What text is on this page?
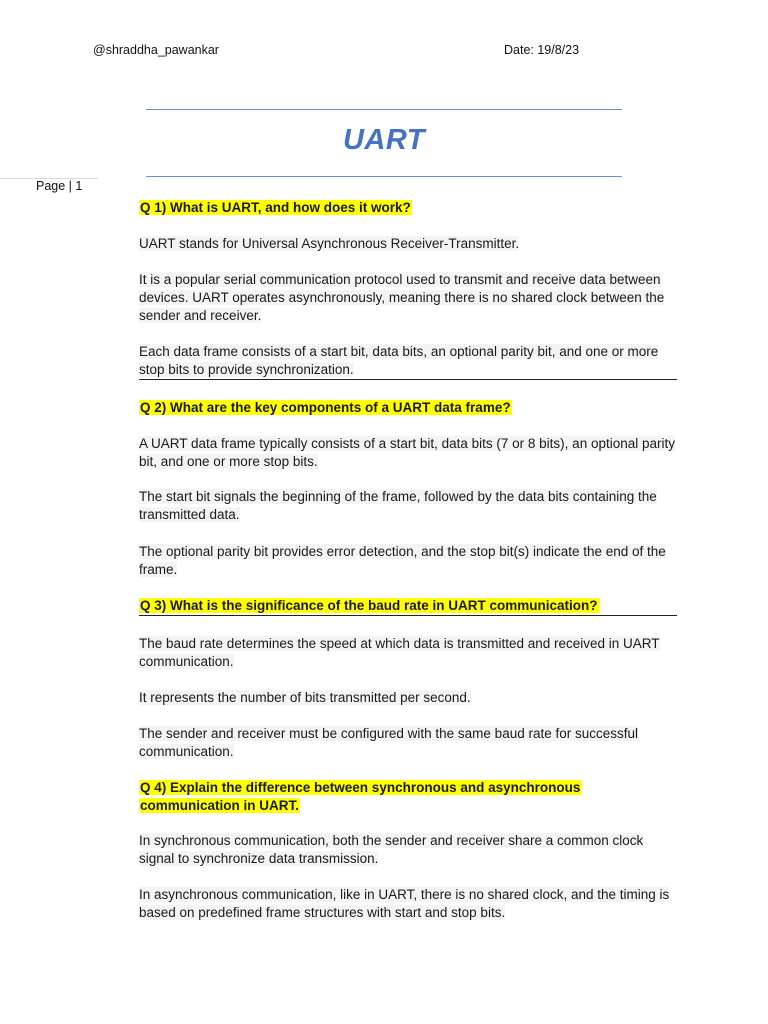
@shraddha_pawankar	Date: 19/8/23
UART
Page | 1
Q 1) What is UART, and how does it work?
UART stands for Universal Asynchronous Receiver-Transmitter.
It is a popular serial communication protocol used to transmit and receive data between devices. UART operates asynchronously, meaning there is no shared clock between the sender and receiver.
Each data frame consists of a start bit, data bits, an optional parity bit, and one or more stop bits to provide synchronization.
Q 2) What are the key components of a UART data frame?
A UART data frame typically consists of a start bit, data bits (7 or 8 bits), an optional parity bit, and one or more stop bits.
The start bit signals the beginning of the frame, followed by the data bits containing the transmitted data.
The optional parity bit provides error detection, and the stop bit(s) indicate the end of the frame.
Q 3) What is the significance of the baud rate in UART communication?
The baud rate determines the speed at which data is transmitted and received in UART communication.
It represents the number of bits transmitted per second.
The sender and receiver must be configured with the same baud rate for successful communication.
Q 4) Explain the difference between synchronous and asynchronous
communication in UART.
In synchronous communication, both the sender and receiver share a common clock signal to synchronize data transmission.
In asynchronous communication, like in UART, there is no shared clock, and the timing is based on predefined frame structures with start and stop bits.
